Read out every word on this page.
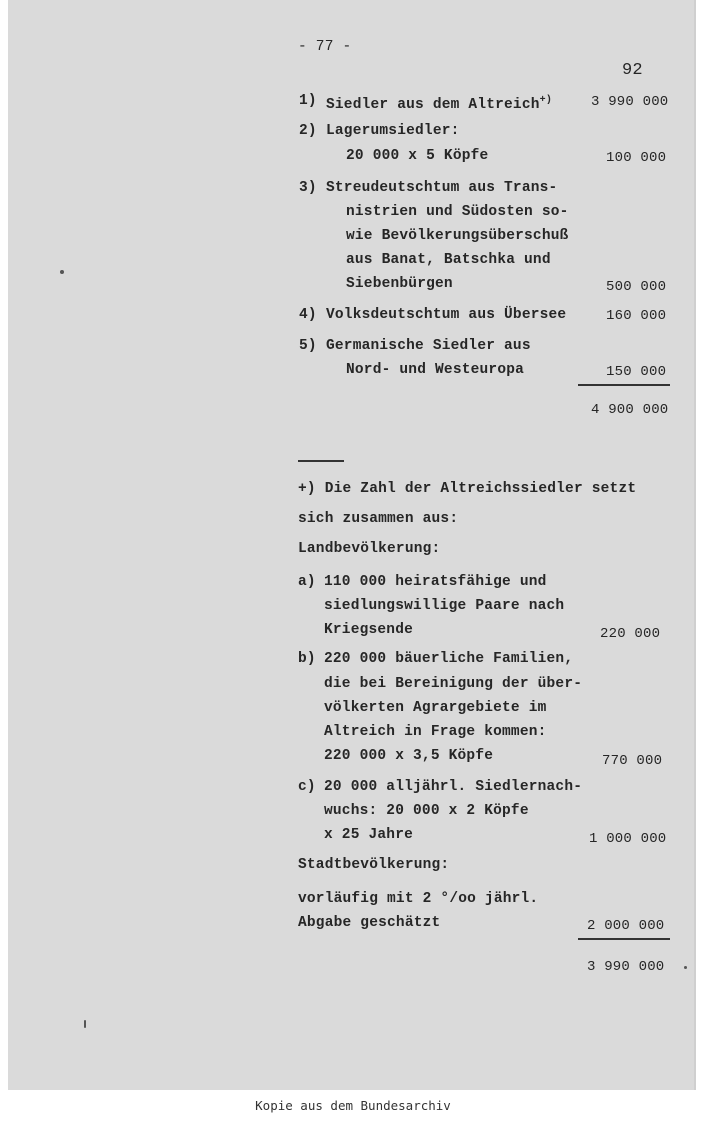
- 77 -
92
1) Siedler aus dem Altreich+)	3 990 000
2) Lagerumsiedler:
20 000 x 5 Köpfe	100 000
3) Streudeutschtum aus Trans-
nistrien und Südosten so-
wie Bevölkerungsüberschuß
aus Banat, Batschka und
Siebenbürgen	500 000
4) Volksdeutschtum aus Übersee	160 000
5) Germanische Siedler aus
Nord- und Westeuropa	150 000
4 900 000
+) Die Zahl der Altreichssiedler setzt
sich zusammen aus:
Landbevölkerung:
a) 110 000 heiratsfähige und
siedlungswillige Paare nach
Kriegsende	220 000
b) 220 000 bäuerliche Familien,
die bei Bereinigung der über-
völkerten Agrargebiete im
Altreich in Frage kommen:
220 000 x 3,5 Köpfe	770 000
c) 20 000 alljährl. Siedlernach-
wuchs: 20 000 x 2 Köpfe
x 25 Jahre	1 000 000
Stadtbevölkerung:
vorläufig mit 2 °/oo jährl.
Abgabe geschätzt	2 000 000
3 990 000
Kopie aus dem Bundesarchiv
